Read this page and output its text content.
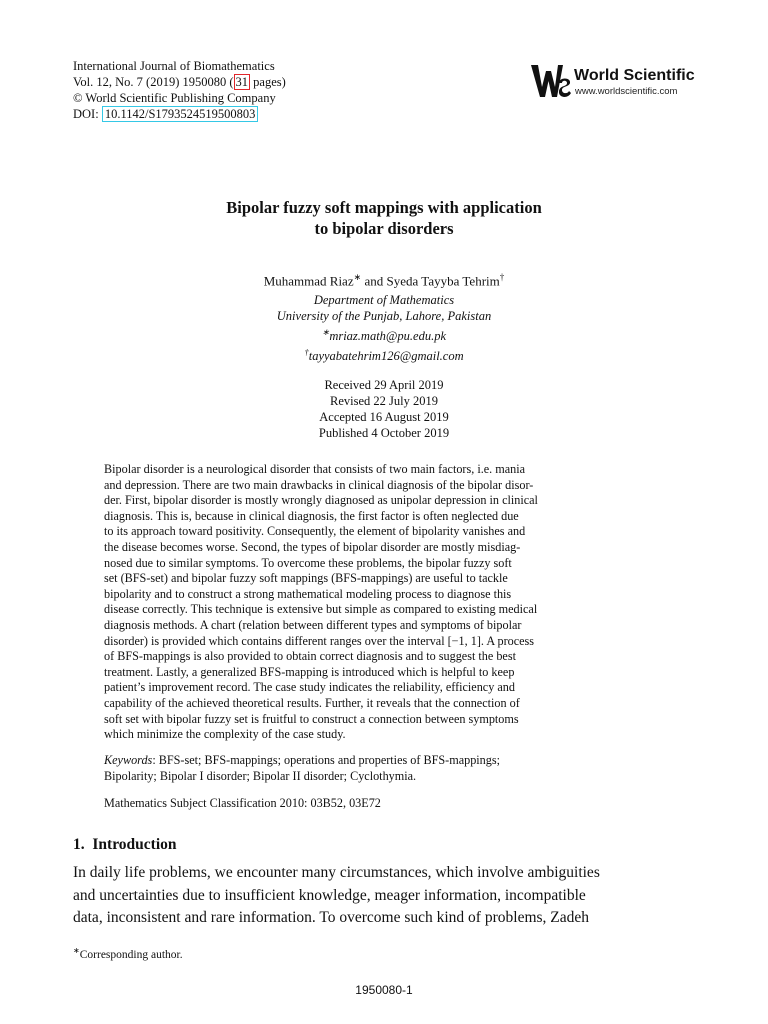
International Journal of Biomathematics
Vol. 12, No. 7 (2019) 1950080 ( 31 pages)
© World Scientific Publishing Company
DOI: 10.1142/S1793524519500803
World Scientific
www.worldscientific.com
Bipolar fuzzy soft mappings with application
to bipolar disorders
Muhammad Riaz∗ and Syeda Tayyba Tehrim†
Department of Mathematics
University of the Punjab, Lahore, Pakistan
∗mriaz.math@pu.edu.pk
†tayyabatehrim126@gmail.com
Received 29 April 2019
Revised 22 July 2019
Accepted 16 August 2019
Published 4 October 2019
Bipolar disorder is a neurological disorder that consists of two main factors, i.e. mania
and depression. There are two main drawbacks in clinical diagnosis of the bipolar disor-
der. First, bipolar disorder is mostly wrongly diagnosed as unipolar depression in clinical
diagnosis. This is, because in clinical diagnosis, the first factor is often neglected due
to its approach toward positivity. Consequently, the element of bipolarity vanishes and
the disease becomes worse. Second, the types of bipolar disorder are mostly misdiag-
nosed due to similar symptoms. To overcome these problems, the bipolar fuzzy soft
set (BFS-set) and bipolar fuzzy soft mappings (BFS-mappings) are useful to tackle
bipolarity and to construct a strong mathematical modeling process to diagnose this
disease correctly. This technique is extensive but simple as compared to existing medical
diagnosis methods. A chart (relation between different types and symptoms of bipolar
disorder) is provided which contains different ranges over the interval [−1, 1]. A process
of BFS-mappings is also provided to obtain correct diagnosis and to suggest the best
treatment. Lastly, a generalized BFS-mapping is introduced which is helpful to keep
patient’s improvement record. The case study indicates the reliability, efficiency and
capability of the achieved theoretical results. Further, it reveals that the connection of
soft set with bipolar fuzzy set is fruitful to construct a connection between symptoms
which minimize the complexity of the case study.
Keywords: BFS-set; BFS-mappings; operations and properties of BFS-mappings;
Bipolarity; Bipolar I disorder; Bipolar II disorder; Cyclothymia.
Mathematics Subject Classification 2010: 03B52, 03E72
1. Introduction
In daily life problems, we encounter many circumstances, which involve ambiguities
and uncertainties due to insufficient knowledge, meager information, incompatible
data, inconsistent and rare information. To overcome such kind of problems, Zadeh
∗Corresponding author.
1950080-1
